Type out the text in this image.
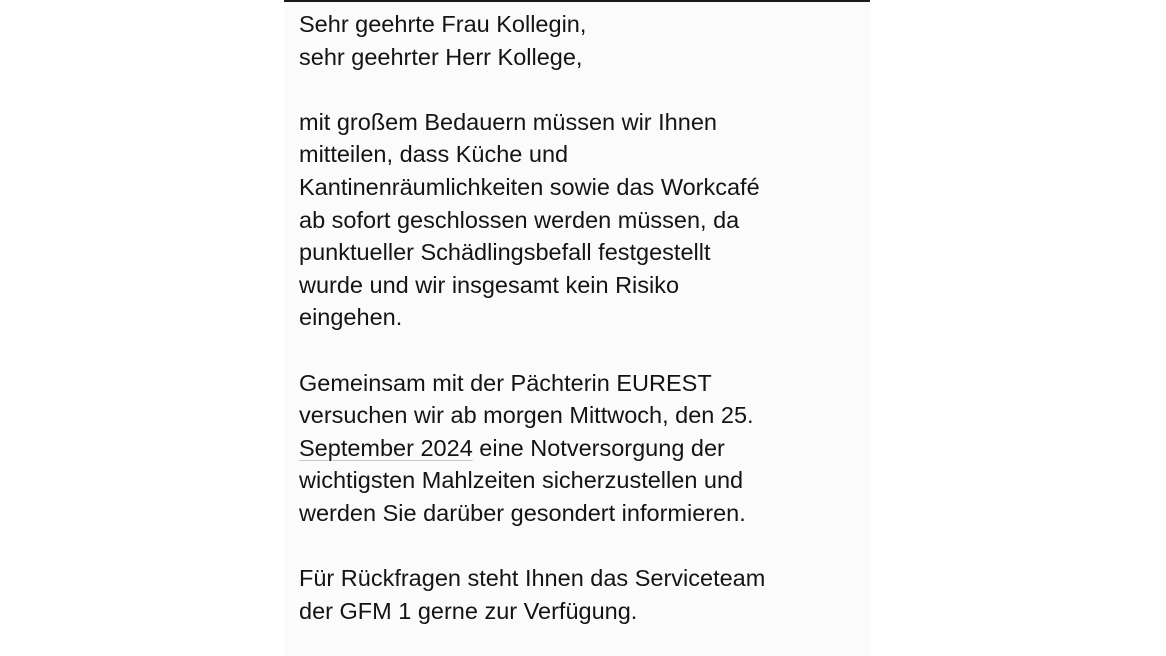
Sehr geehrte Frau Kollegin,
sehr geehrter Herr Kollege,

mit großem Bedauern müssen wir Ihnen
mitteilen, dass Küche und
Kantinenräumlichkeiten sowie das Workcafé
ab sofort geschlossen werden müssen, da
punktueller Schädlingsbefall festgestellt
wurde und wir insgesamt kein Risiko
eingehen.

Gemeinsam mit der Pächterin EUREST
versuchen wir ab morgen Mittwoch, den 25.
September 2024 eine Notversorgung der
wichtigsten Mahlzeiten sicherzustellen und
werden Sie darüber gesondert informieren.

Für Rückfragen steht Ihnen das Serviceteam
der GFM 1 gerne zur Verfügung.
